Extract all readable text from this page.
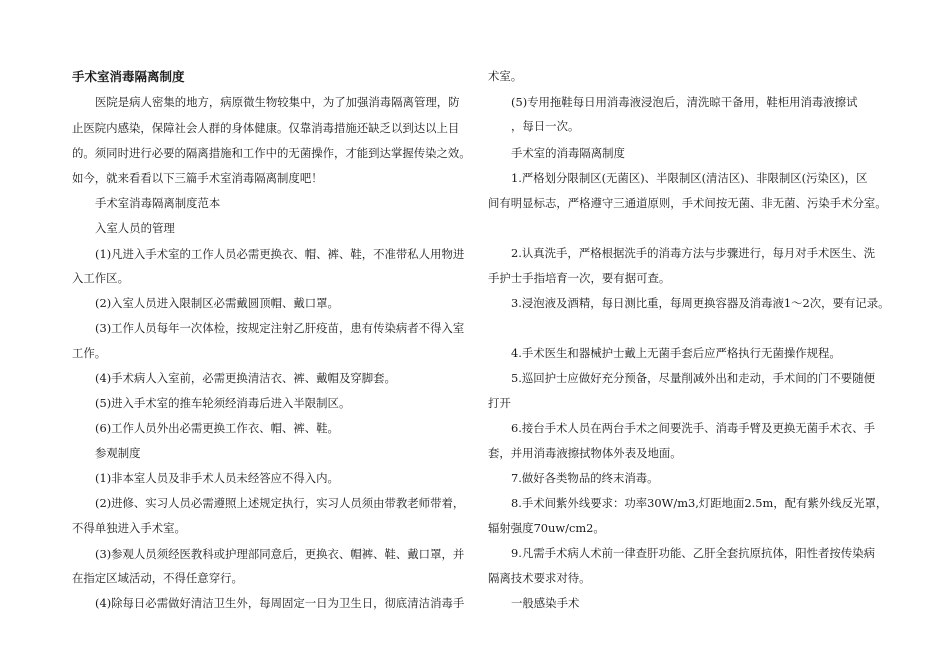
手术室消毒隔离制度
医院是病人密集的地方，病原微生物较集中，为了加强消毒隔离管理，防
止医院内感染，保障社会人群的身体健康。仅靠消毒措施还缺乏以到达以上目
的。须同时进行必要的隔离措施和工作中的无菌操作，才能到达掌握传染之效。
如今，就来看看以下三篇手术室消毒隔离制度吧！
手术室消毒隔离制度范本
入室人员的管理
(1)凡进入手术室的工作人员必需更换衣、帽、裤、鞋，不准带私人用物进
入工作区。
(2)入室人员进入限制区必需戴圆顶帽、戴口罩。
(3)工作人员每年一次体检，按规定注射乙肝疫苗，患有传染病者不得入室
工作。
(4)手术病人入室前，必需更换清洁衣、裤、戴帽及穿脚套。
(5)进入手术室的推车轮须经消毒后进入半限制区。
(6)工作人员外出必需更换工作衣、帽、裤、鞋。
参观制度
(1)非本室人员及非手术人员未经答应不得入内。
(2)进修、实习人员必需遵照上述规定执行，实习人员须由带教老师带着，
不得单独进入手术室。
(3)参观人员须经医教科或护理部同意后，更换衣、帽裤、鞋、戴口罩，并
在指定区域活动，不得任意穿行。
(4)除每日必需做好清洁卫生外，每周固定一日为卫生日，彻底清洁消毒手
术室。
(5)专用拖鞋每日用消毒液浸泡后，清洗晾干备用，鞋柜用消毒液擦试
，每日一次。
手术室的消毒隔离制度
1.严格划分限制区(无菌区)、半限制区(清洁区)、非限制区(污染区)，区
间有明显标志，严格遵守三通道原则，手术间按无菌、非无菌、污染手术分室。
2.认真洗手，严格根据洗手的消毒方法与步骤进行，每月对手术医生、洗
手护士手指培育一次，要有据可查。
3.浸泡液及酒精，每日测比重，每周更换容器及消毒液1～2次，要有记录。
4.手术医生和器械护士戴上无菌手套后应严格执行无菌操作规程。
5.巡回护士应做好充分预备，尽量削减外出和走动，手术间的门不要随便
打开
6.接台手术人员在两台手术之间要洗手、消毒手臂及更换无菌手术衣、手
套，并用消毒液擦拭物体外表及地面。
7.做好各类物品的终末消毒。
8.手术间紫外线要求：功率30W/m3,灯距地面2.5m，配有紫外线反光罩，
辐射强度70uw/cm2。
9.凡需手术病人术前一律查肝功能、乙肝全套抗原抗体，阳性者按传染病
隔离技术要求对待。
一般感染手术
